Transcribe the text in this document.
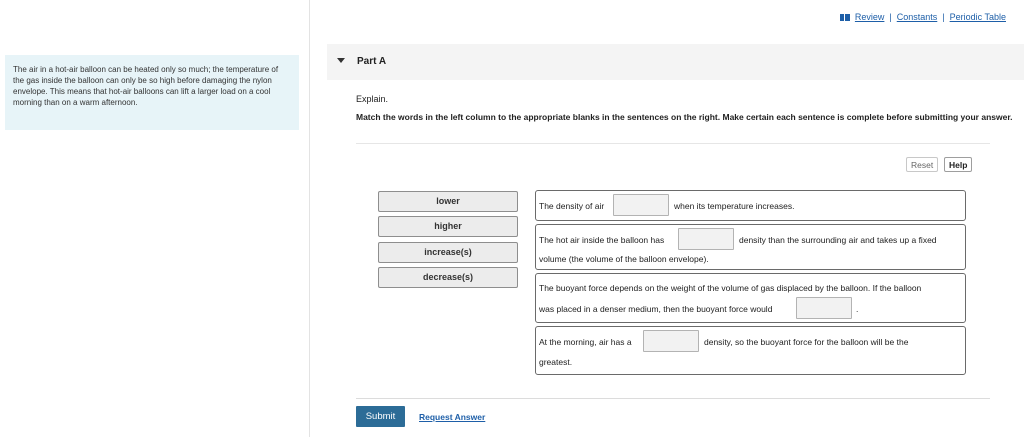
The air in a hot-air balloon can be heated only so much; the temperature of the gas inside the balloon can only be so high before damaging the nylon envelope. This means that hot-air balloons can lift a larger load on a cool morning than on a warm afternoon.
Review | Constants | Periodic Table
Part A
Explain.
Match the words in the left column to the appropriate blanks in the sentences on the right. Make certain each sentence is complete before submitting your answer.
Reset	Help
lower
higher
increase(s)
decrease(s)
The density of air	when its temperature increases.
The hot air inside the balloon has	density than the surrounding air and takes up a fixed
volume (the volume of the balloon envelope).
The buoyant force depends on the weight of the volume of gas displaced by the balloon. If the balloon
was placed in a denser medium, then the buoyant force would	.
At the morning, air has a	density, so the buoyant force for the balloon will be the
greatest.
Submit	Request Answer
